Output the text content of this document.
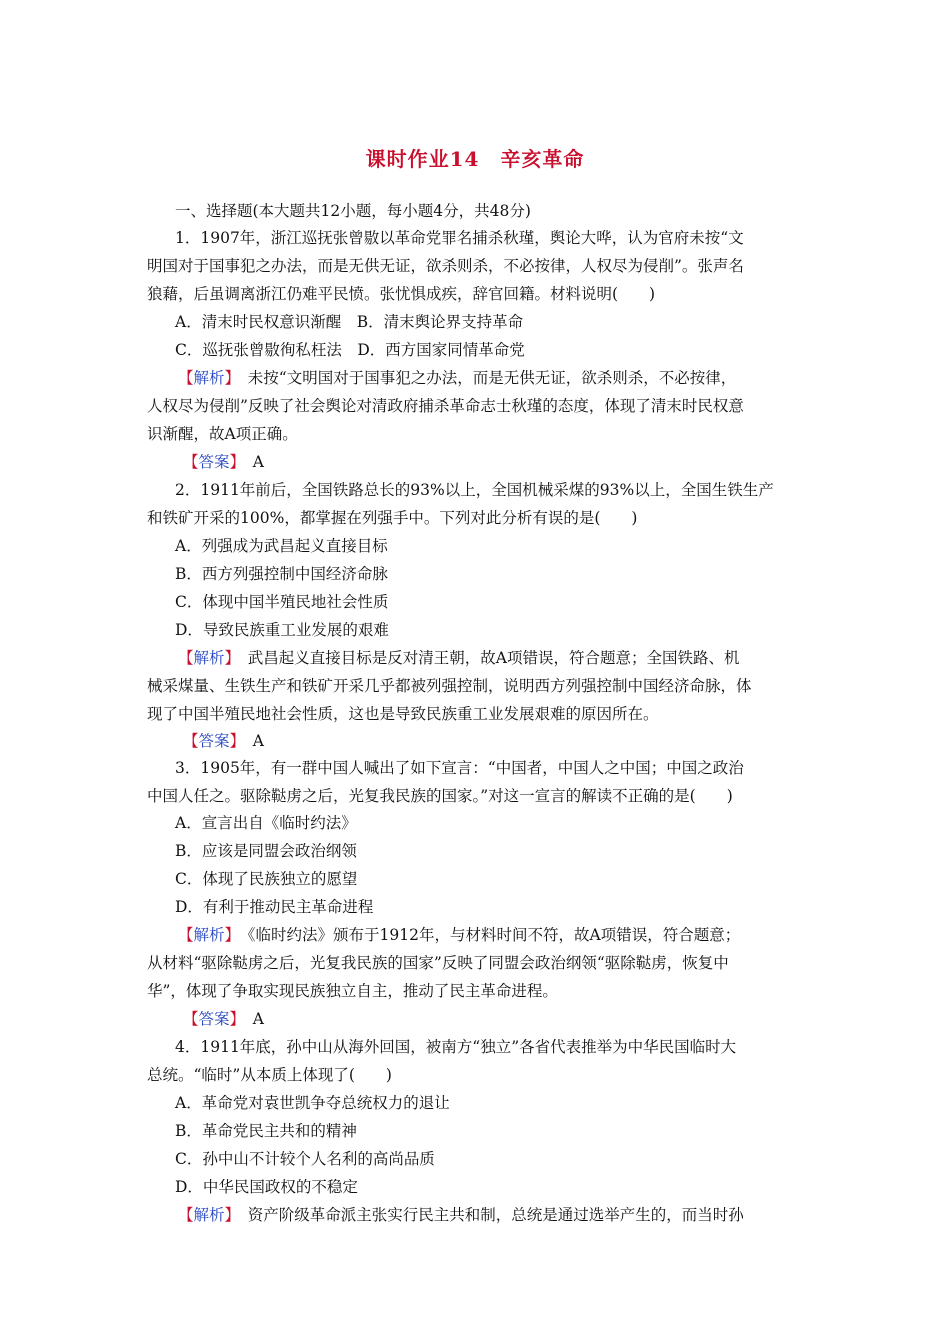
课时作业14　辛亥革命
一、选择题(本大题共12小题，每小题4分，共48分)
1．1907年，浙江巡抚张曾敭以革命党罪名捕杀秋瑾，舆论大哗，认为官府未按“文
明国对于国事犯之办法，而是无供无证，欲杀则杀，不必按律，人权尽为侵削”。张声名
狼藉，后虽调离浙江仍难平民愤。张忧惧成疾，辞官回籍。材料说明(　　)
A．清末时民权意识渐醒　B．清末舆论界支持革命
C．巡抚张曾敭徇私枉法　D．西方国家同情革命党
【解析】　未按“文明国对于国事犯之办法，而是无供无证，欲杀则杀，不必按律，
人权尽为侵削”反映了社会舆论对清政府捕杀革命志士秋瑾的态度，体现了清末时民权意
识渐醒，故A项正确。
【答案】　A
2．1911年前后，全国铁路总长的93%以上，全国机械采煤的93%以上，全国生铁生产
和铁矿开采的100%，都掌握在列强手中。下列对此分析有误的是(　　)
A．列强成为武昌起义直接目标
B．西方列强控制中国经济命脉
C．体现中国半殖民地社会性质
D．导致民族重工业发展的艰难
【解析】　武昌起义直接目标是反对清王朝，故A项错误，符合题意；全国铁路、机
械采煤量、生铁生产和铁矿开采几乎都被列强控制，说明西方列强控制中国经济命脉，体
现了中国半殖民地社会性质，这也是导致民族重工业发展艰难的原因所在。
【答案】　A
3．1905年，有一群中国人喊出了如下宣言：“中国者，中国人之中国；中国之政治
中国人任之。驱除鞑虏之后，光复我民族的国家。”对这一宣言的解读不正确的是(　　)
A．宣言出自《临时约法》
B．应该是同盟会政治纲领
C．体现了民族独立的愿望
D．有利于推动民主革命进程
【解析】　《临时约法》颁布于1912年，与材料时间不符，故A项错误，符合题意；
从材料“驱除鞑虏之后，光复我民族的国家”反映了同盟会政治纲领“驱除鞑虏，恢复中
华”，体现了争取实现民族独立自主，推动了民主革命进程。
【答案】　A
4．1911年底，孙中山从海外回国，被南方“独立”各省代表推举为中华民国临时大
总统。“临时”从本质上体现了(　　)
A．革命党对袁世凯争夺总统权力的退让
B．革命党民主共和的精神
C．孙中山不计较个人名利的高尚品质
D．中华民国政权的不稳定
【解析】　资产阶级革命派主张实行民主共和制，总统是通过选举产生的，而当时孙
